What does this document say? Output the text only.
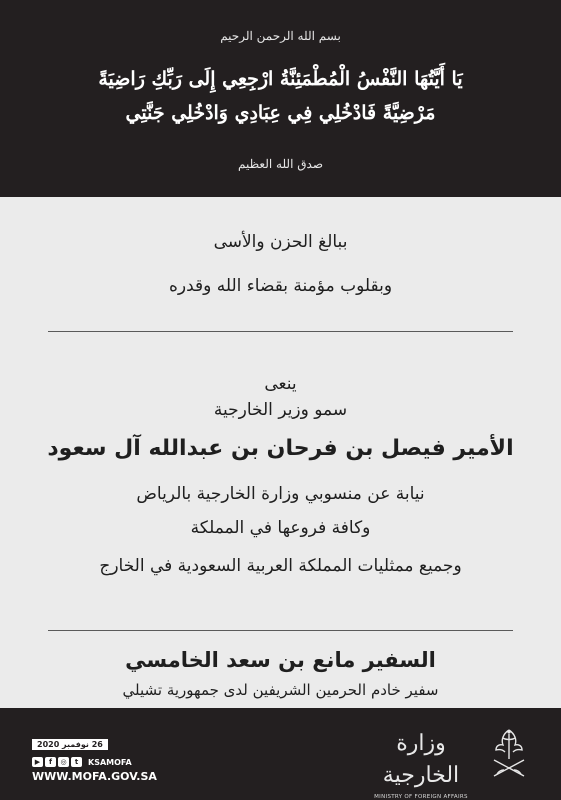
بسم الله الرحمن الرحيم
يَا أَيَّتُهَا النَّفْسُ الْمُطْمَئِنَّةُ ارْجِعِي إِلَى رَبِّكِ رَاضِيَةً
مَرْضِيَّةً فَادْخُلِي فِي عِبَادِي وَادْخُلِي جَنَّتِي
صدق الله العظيم
ببالغ الحزن والأسى
وبقلوب مؤمنة بقضاء الله وقدره
ينعى
سمو وزير الخارجية
الأمير فيصل بن فرحان بن عبدالله آل سعود
نيابة عن منسوبي وزارة الخارجية بالرياض
وكافة فروعها في المملكة
وجميع ممثليات المملكة العربية السعودية في الخارج
السفير مانع بن سعد الخامسي
سفير خادم الحرمين الشريفين لدى جمهورية تشيلي
26 نوفمبر 2020
▶	f	◎	t	KSAMOFA
WWW.MOFA.GOV.SA
وزارة الخارجية
MINISTRY OF FOREIGN AFFAIRS
